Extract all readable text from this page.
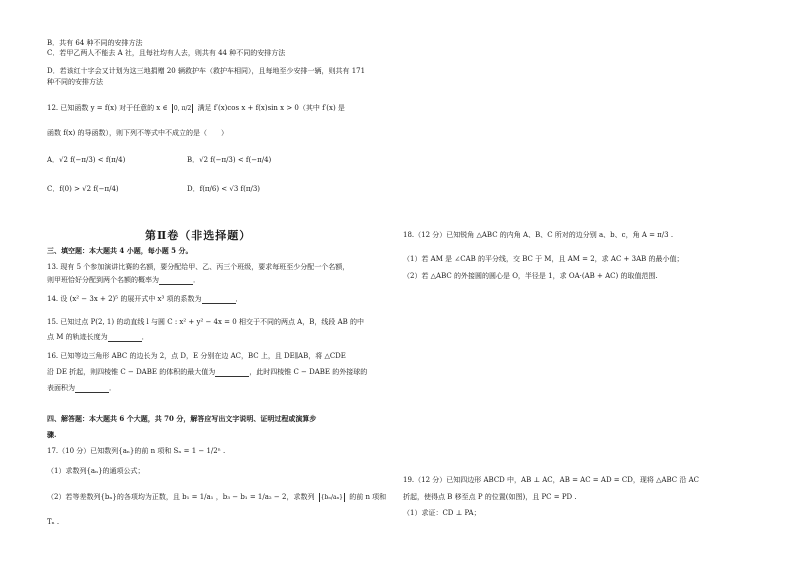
B．共有 64 种不同的安排方法
C．若甲乙两人不能去 A 社，且每社均有人去，则共有 44 种不同的安排方法
D．若该红十字会又计划为这三地捐赠 20 辆救护车（救护车相同），且每地至少安排一辆，则共有 171
种不同的安排方法
12. 已知函数 y = f(x) 对于任意的 x ∈ 0, π/2 满足 f′(x)cos x + f(x)sin x > 0（其中 f′(x) 是
函数 f(x) 的导函数），则下列不等式中不成立的是（　　）
A．√2 f(−π/3) < f(π/4)	B．√2 f(−π/3) < f(−π/4)
C．f(0) > √2 f(−π/4)	D．f(π/6) < √3 f(π/3)
第Ⅱ卷（非选择题）
三、填空题：本大题共 4 小题，每小题 5 分。
13. 现有 5 个参加演讲比赛的名额，要分配给甲、乙、丙三个班级，要求每班至少分配一个名额，
则甲班恰好分配到两个名额的概率为	．
14. 设 (x² − 3x + 2)⁵ 的展开式中 x³ 项的系数为	．
15. 已知过点 P(2, 1) 的动直线 l 与圆 C : x² + y² − 4x = 0 相交于不同的两点 A，B，线段 AB 的中
点 M 的轨迹长度为	．
16. 已知等边三角形 ABC 的边长为 2，点 D，E 分别在边 AC，BC 上，且 DE∥AB，将 △CDE
沿 DE 折起，则四棱锥 C − DABE 的体积的最大值为	，此时四棱锥 C − DABE 的外接球的
表面积为	．
四、解答题：本大题共 6 个大题，共 70 分，解答应写出文字说明、证明过程或演算步
骤.
17.（10 分）已知数列{aₙ}的前 n 项和 Sₙ = 1 − 1/2ⁿ .
（1）求数列{aₙ}的通项公式；
（2）若等差数列{bₙ}的各项均为正数，且 b₁ = 1/a₁ ，b₃ − b₁ = 1/a₂ − 2，求数列 {bₙ/aₙ} 的前 n 项和
Tₙ .
18.（12 分）已知锐角 △ABC 的内角 A、B、C 所对的边分别 a、b、c，角 A = π/3 .
（1）若 AM 是 ∠CAB 的平分线，交 BC 于 M，且 AM = 2，求 AC + 3AB 的最小值；
（2）若 △ABC 的外接圆的圆心是 O，半径是 1，求 OA·(AB + AC) 的取值范围.
19.（12 分）已知四边形 ABCD 中，AB ⊥ AC，AB = AC = AD = CD，现将 △ABC 沿 AC
折起，使得点 B 移至点 P 的位置(如图)，且 PC = PD .
（1）求证：CD ⊥ PA；
